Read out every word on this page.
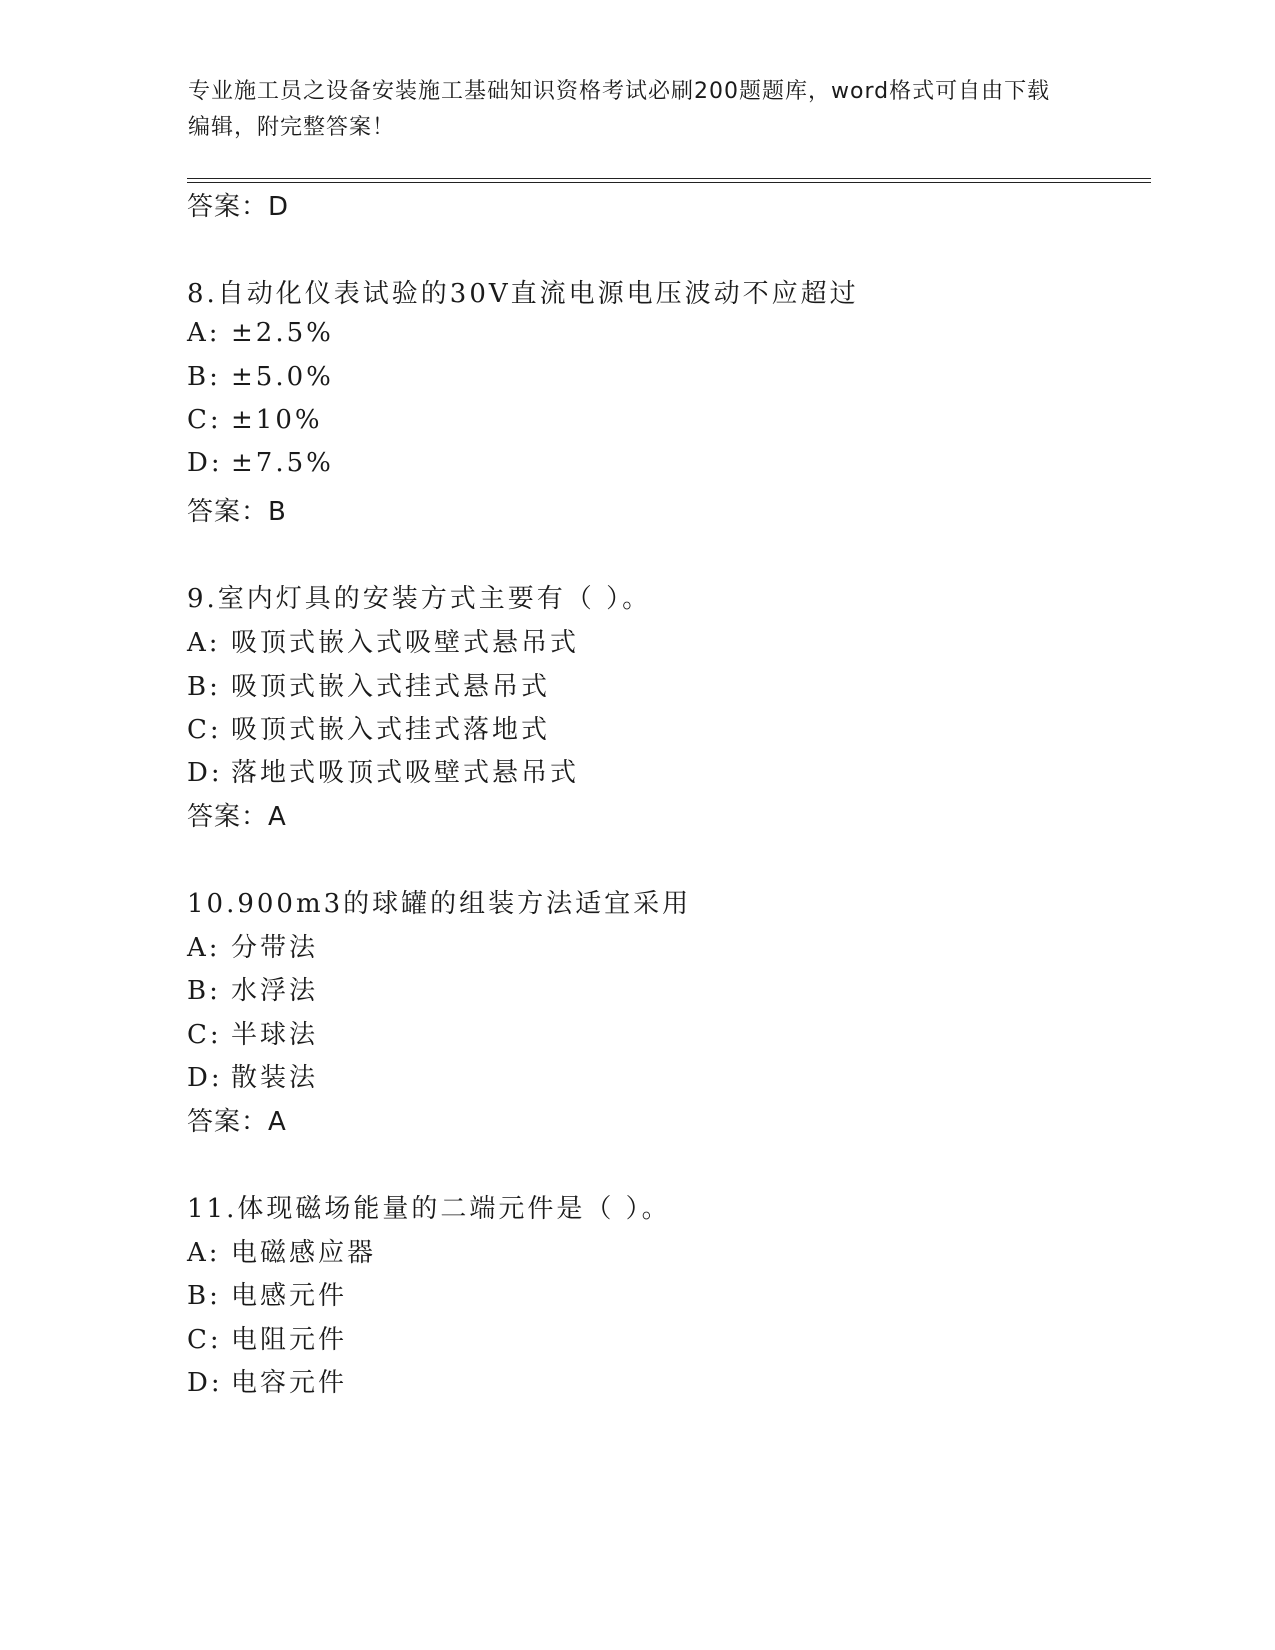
专业施工员之设备安装施工基础知识资格考试必刷200题题库，word格式可自由下载编辑，附完整答案！
答案：D
8.自动化仪表试验的30V直流电源电压波动不应超过
A: ±2.5%
B: ±5.0%
C: ±10%
D: ±7.5%
答案：B
9.室内灯具的安装方式主要有（ ）。
A: 吸顶式嵌入式吸壁式悬吊式
B: 吸顶式嵌入式挂式悬吊式
C: 吸顶式嵌入式挂式落地式
D: 落地式吸顶式吸壁式悬吊式
答案：A
10.900m3的球罐的组装方法适宜采用
A: 分带法
B: 水浮法
C: 半球法
D: 散装法
答案：A
11.体现磁场能量的二端元件是（ ）。
A: 电磁感应器
B: 电感元件
C: 电阻元件
D: 电容元件
